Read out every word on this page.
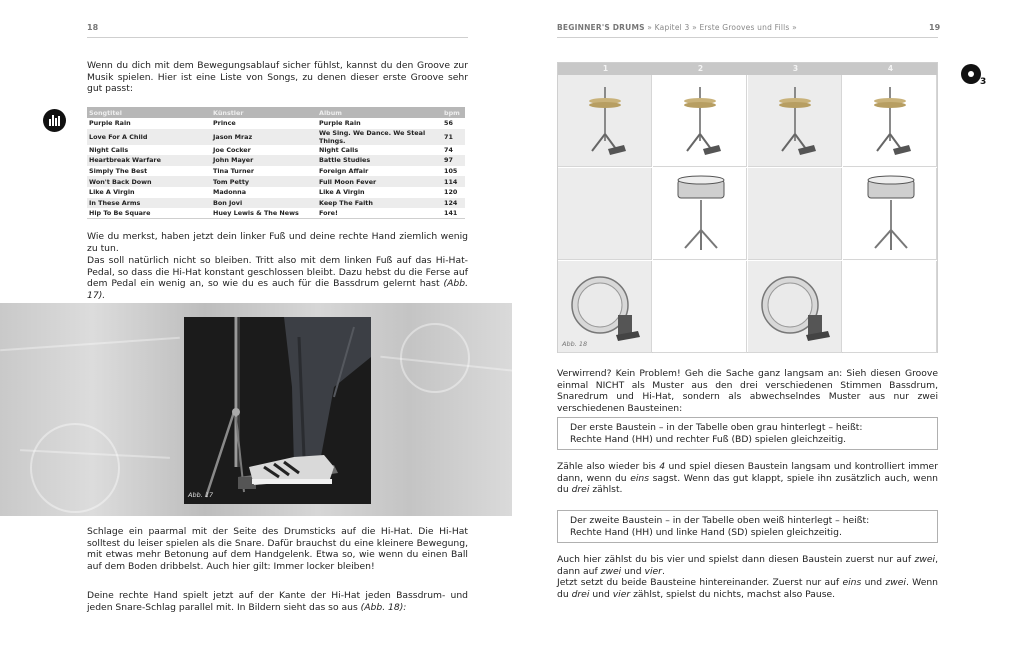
18
Wenn du dich mit dem Bewegungsablauf sicher fühlst, kannst du den Groove zur Musik spielen. Hier ist eine Liste von Songs, zu denen dieser erste Groove sehr gut passt:
Songtitel	Künstler	Album	bpm
Purple Rain	Prince	Purple Rain	56
Love For A Child	Jason Mraz	We Sing. We Dance. We Steal Things.	71
Night Calls	Joe Cocker	Night Calls	74
Heartbreak Warfare	John Mayer	Battle Studies	97
Simply The Best	Tina Turner	Foreign Affair	105
Won't Back Down	Tom Petty	Full Moon Fever	114
Like A Virgin	Madonna	Like A Virgin	120
In These Arms	Bon Jovi	Keep The Faith	124
Hip To Be Square	Huey Lewis & The News	Fore!	141
Wie du merkst, haben jetzt dein linker Fuß und deine rechte Hand ziemlich wenig zu tun.
Das soll natürlich nicht so bleiben. Tritt also mit dem linken Fuß auf das Hi-Hat-Pedal, so dass die Hi-Hat konstant geschlossen bleibt. Dazu hebst du die Ferse auf dem Pedal ein wenig an, so wie du es auch für die Bassdrum gelernt hast (Abb. 17).
Abb. 17
Schlage ein paarmal mit der Seite des Drumsticks auf die Hi-Hat. Die Hi-Hat solltest du leiser spielen als die Snare. Dafür brauchst du eine kleinere Bewegung, mit etwas mehr Betonung auf dem Handgelenk. Etwa so, wie wenn du einen Ball auf dem Boden dribbelst. Auch hier gilt: Immer locker bleiben!
Deine rechte Hand spielt jetzt auf der Kante der Hi-Hat jeden Bassdrum- und jeden Snare-Schlag parallel mit. In Bildern sieht das so aus (Abb. 18):
BEGINNER'S DRUMS » Kapitel 3 » Erste Grooves und Fills »	19
3
1	2	3	4
Abb. 18
Verwirrend? Kein Problem! Geh die Sache ganz langsam an: Sieh diesen Groove einmal NICHT als Muster aus den drei verschiedenen Stimmen Bassdrum, Snaredrum und Hi-Hat, sondern als abwechselndes Muster aus nur zwei verschiedenen Bausteinen:
Der erste Baustein – in der Tabelle oben grau hinterlegt – heißt:
Rechte Hand (HH) und rechter Fuß (BD) spielen gleichzeitig.
Zähle also wieder bis 4 und spiel diesen Baustein langsam und kontrolliert immer dann, wenn du eins sagst. Wenn das gut klappt, spiele ihn zusätzlich auch, wenn du drei zählst.
Der zweite Baustein – in der Tabelle oben weiß hinterlegt – heißt:
Rechte Hand (HH) und linke Hand (SD) spielen gleichzeitig.
Auch hier zählst du bis vier und spielst dann diesen Baustein zuerst nur auf zwei, dann auf zwei und vier.
Jetzt setzt du beide Bausteine hintereinander. Zuerst nur auf eins und zwei. Wenn du drei und vier zählst, spielst du nichts, machst also Pause.
